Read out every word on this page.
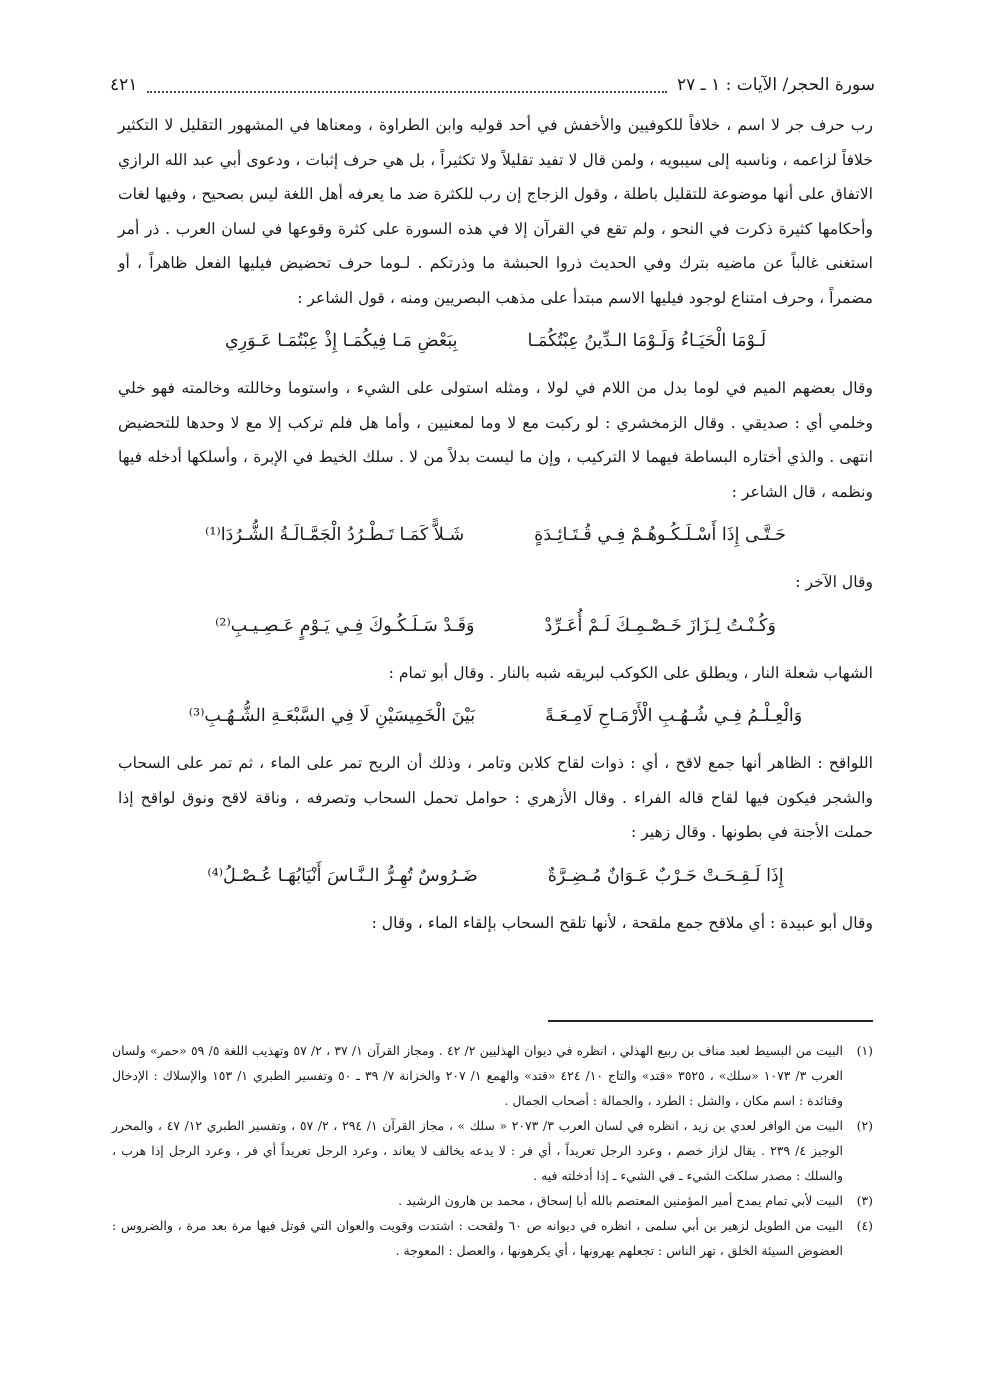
سورة الحجر/ الآيات : ١ ـ ٢٧
٤٢١

رب حرف جر لا اسم ، خلافاً للكوفيين والأخفش في أحد قوليه وابن الطراوة ، ومعناها في المشهور التقليل لا التكثير خلافاً لزاعمه ، وناسبه إلى سيبويه ، ولمن قال لا تفيد تقليلاً ولا تكثيراً ، بل هي حرف إثبات ، ودعوى أبي عبد الله الرازي الاتفاق على أنها موضوعة للتقليل باطلة ، وقول الزجاج إن رب للكثرة ضد ما يعرفه أهل اللغة ليس بصحيح ، وفيها لغات وأحكامها كثيرة ذكرت في النحو ، ولم تقع في القرآن إلا في هذه السورة على كثرة وقوعها في لسان العرب . ذر أمر استغنى غالباً عن ماضيه بترك وفي الحديث ذروا الحبشة ما وذرتكم . لـوما حرف تحضيض فيليها الفعل ظاهراً ، أو مضمراً ، وحرف امتناع لوجود فيليها الاسم مبتدأ على مذهب البصريين ومنه ، قول الشاعر :

لَـوْمَا الْحَيَـاءُ وَلَـوْمَا الـدِّينُ عِبْتُكُمَـا
بِبَعْضِ مَـا فِيكُمَـا إِذْ عِبْتُمَـا عَـوَرِي

وقال بعضهم الميم في لوما بدل من اللام في لولا ، ومثله استولى على الشيء ، واستوما وخاللته وخالمته فهو خلي وخلمي أي : صديقي . وقال الزمخشري : لو ركبت مع لا وما لمعنيين ، وأما هل فلم تركب إلا مع لا وحدها للتحضيض انتهى . والذي أختاره البساطة فيهما لا التركيب ، وإن ما ليست بدلاً من لا . سلك الخيط في الإبرة ، وأسلكها أدخله فيها ونظمه ، قال الشاعر :

حَـتَّـى إِذَا أَسْـلَـكُـوهُـمْ فِـي قُـتَـائِـدَةٍ
شَـلاًّ كَمَـا تَـطْـرُدُ الْجَمَّـالَـةُ الشُّـرُدَا⁽¹⁾

وقال الآخر :

وَكُـنْـتُ لِـزَازَ خَـصْـمِـكَ لَـمْ أُعَـرِّدْ
وَقَـدْ سَـلَـكُـوكَ فِـي يَـوْمٍ عَـصِـيـبِ⁽²⁾

الشهاب شعلة النار ، ويطلق على الكوكب لبريقه شبه بالنار . وقال أبو تمام :

وَالْعِـلْـمُ فِـي شُـهُـبِ الْأَرْمَـاحِ لَامِـعَـةً
بَيْنَ الْخَمِيسَيْنِ لَا فِي السَّبْعَـةِ الشُّـهُـبِ⁽³⁾

اللواقح : الظاهر أنها جمع لاقح ، أي : ذوات لقاح كلابن وتامر ، وذلك أن الريح تمر على الماء ، ثم تمر على السحاب والشجر فيكون فيها لقاح قاله الفراء . وقال الأزهري : حوامل تحمل السحاب وتصرفه ، وناقة لاقح ونوق لواقح إذا حملت الأجنة في بطونها . وقال زهير :

إِذَا لَـقِـحَـتْ حَـرْبٌ عَـوَانٌ مُـضِـرَّةٌ
ضَـرُوسٌ تُهِـرُّ الـنَّـاسَ أَنْيَابُهَـا عُـصْـلُ⁽⁴⁾

وقال أبو عبيدة : أي ملاقح جمع ملقحة ، لأنها تلقح السحاب بإلقاء الماء ، وقال :

(١)
البيت من البسيط لعبد مناف بن ربيع الهذلي ، انظره في ديوان الهذليين ٢/ ٤٢ . ومجاز القرآن ١/ ٣٧ ، ٢/ ٥٧ وتهذيب اللغة ٥/ ٥٩ «حمر» ولسان العرب ٣/ ١٠٧٣ «سلك» ، ٣٥٢٥ «قتد» والتاج ١٠/ ٤٢٤ «قتد» والهمع ١/ ٢٠٧ والخزانة ٧/ ٣٩ ـ ٥٠ وتفسير الطبري ١/ ١٥٣ والإسلاك : الإدخال وقتائدة : اسم مكان ، والشل : الطرد ، والجمالة : أصحاب الجمال .
(٢)
البيت من الوافر لعدي بن زيد ، انظره في لسان العرب ٣/ ٢٠٧٣ « سلك » ، مجاز القرآن ١/ ٢٩٤ ، ٢/ ٥٧ ، وتفسير الطبري ١٢/ ٤٧ ، والمحرر الوجيز ٤/ ٢٣٩ . يقال لزاز خصم ، وعرد الرجل تعريداً ، أي فر : لا يدعه يخالف لا يعاند ، وعرد الرجل تعريداً أي فر ، وعرد الرجل إذا هرب ، والسلك : مصدر سلكت الشيء ـ في الشيء ـ إذا أدخلته فيه .
(٣)
البيت لأبي تمام يمدح أمير المؤمنين المعتصم بالله أبا إسحاق ، محمد بن هارون الرشيد .
(٤)
البيت من الطويل لزهير بن أبي سلمى ، انظره في ديوانه ص ٦٠ ولقحت : اشتدت وقويت والعوان التي قوتل فيها مرة بعد مرة ، والضروس : العضوض السيئة الخلق ، تهر الناس : تجعلهم يهرونها ، أي يكرهونها ، والعصل : المعوجة .
